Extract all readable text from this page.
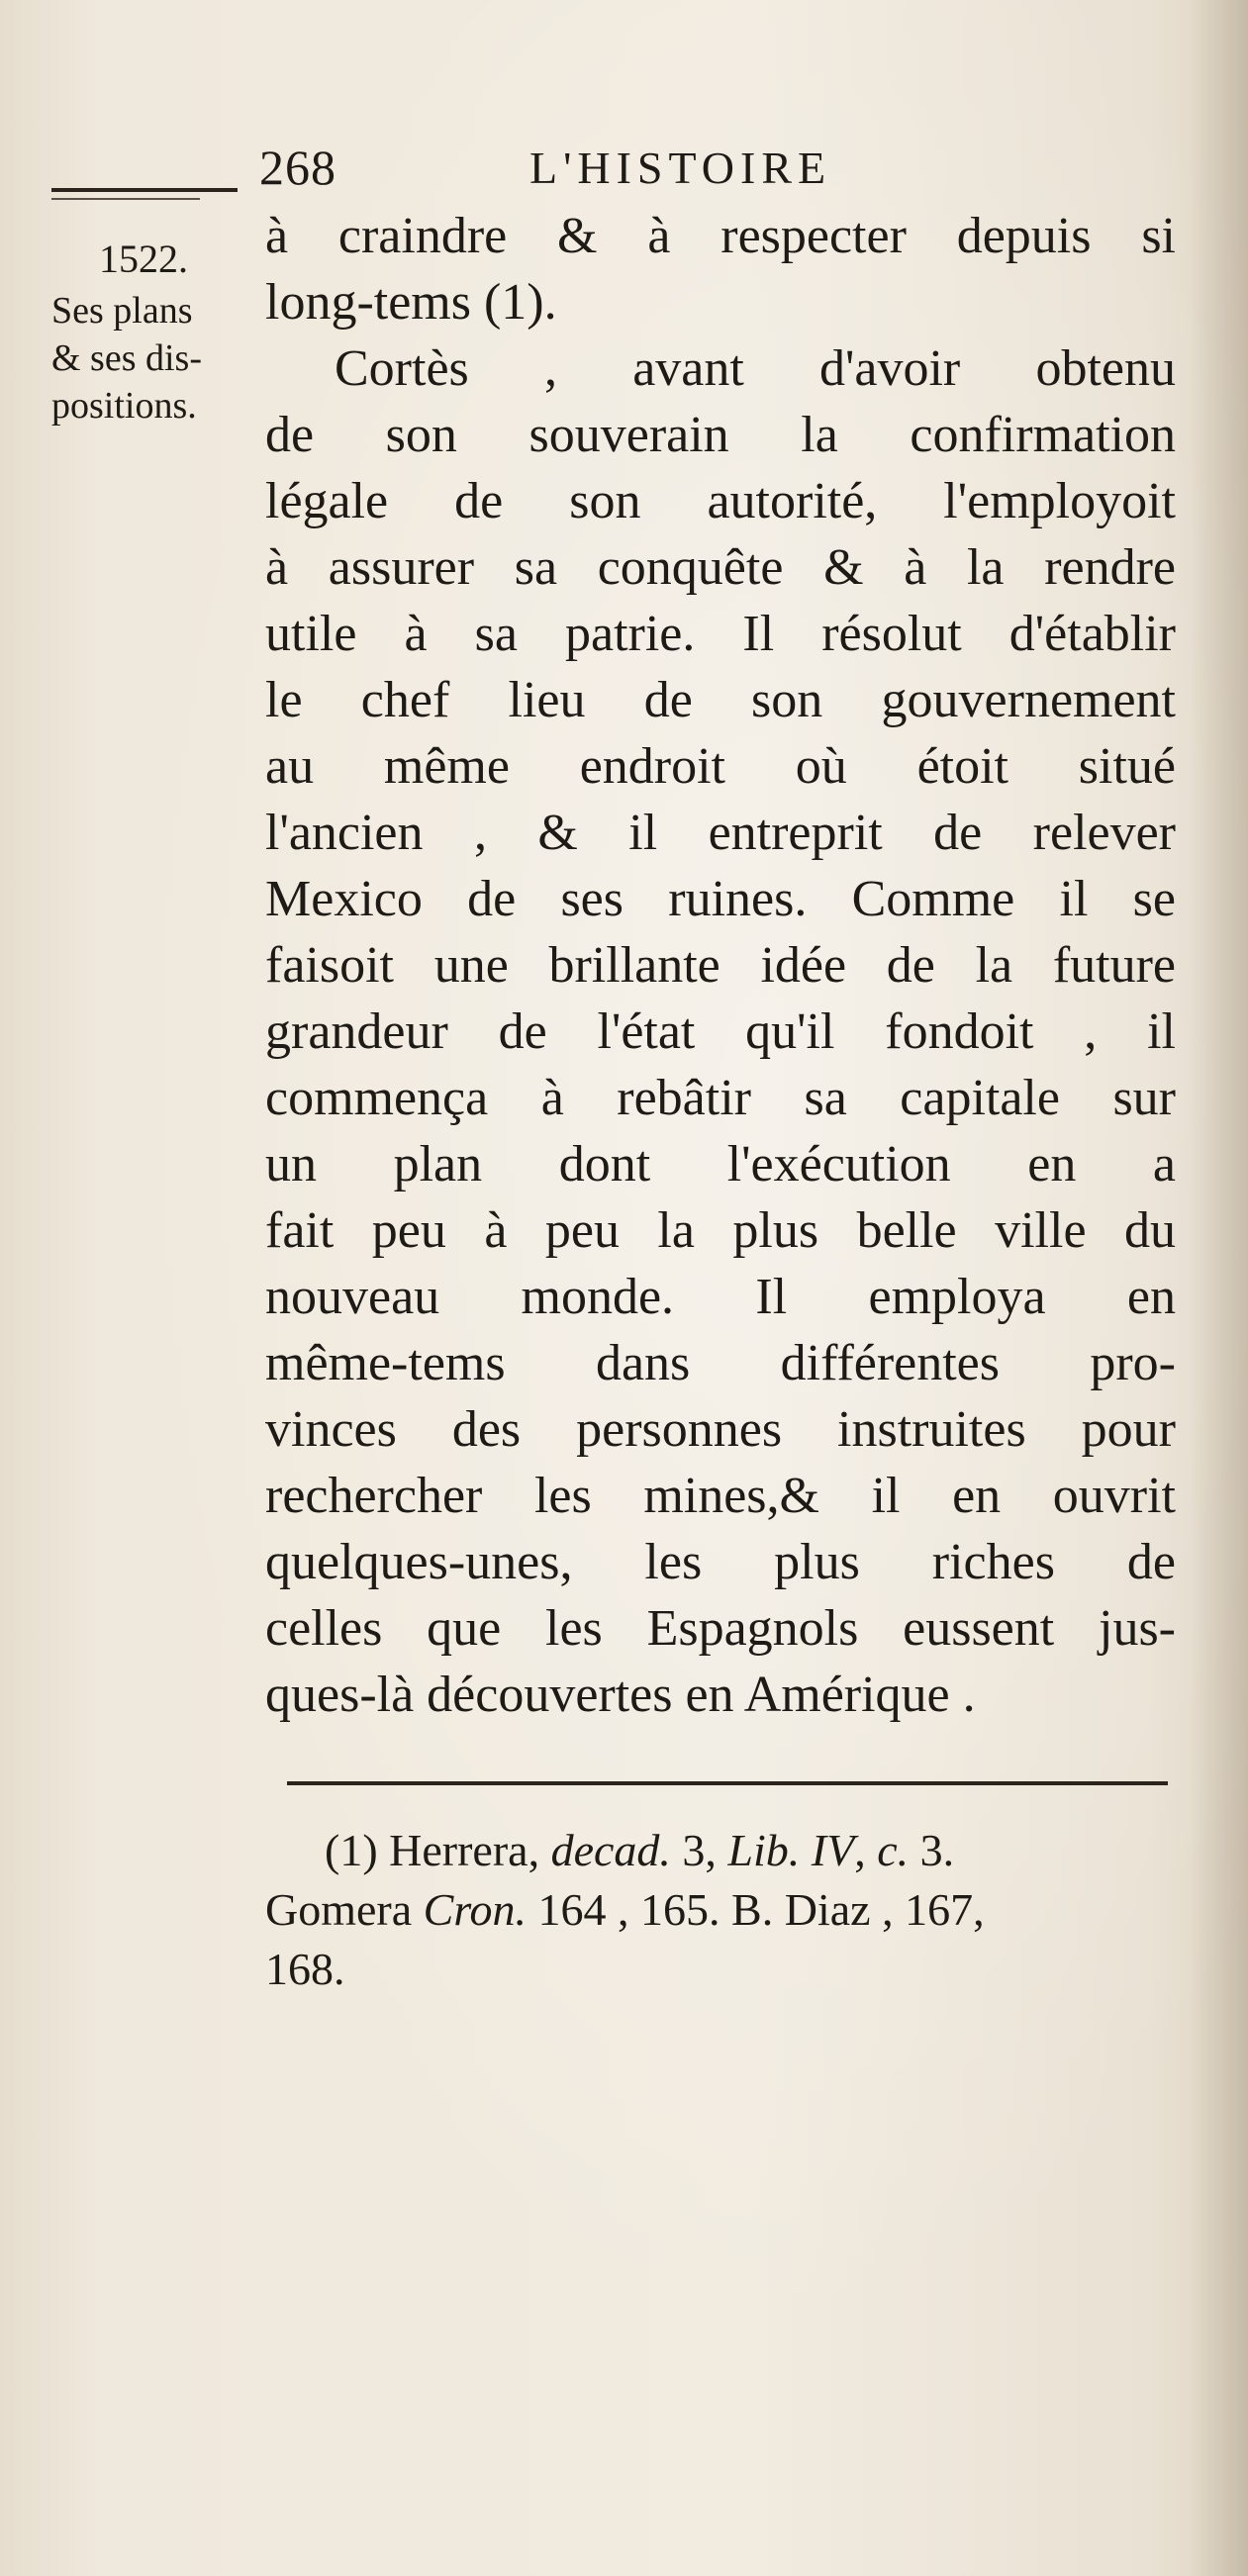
268	L'HISTOIRE
1522.
Ses plans
& ses dis-
positions.
à craindre & à respecter depuis si
long-tems (1).
Cortès , avant d'avoir obtenu
de son souverain la confirmation
légale de son autorité, l'employoit
à assurer sa conquête & à la rendre
utile à sa patrie. Il résolut d'établir
le chef lieu de son gouvernement
au même endroit où étoit situé
l'ancien , & il entreprit de relever
Mexico de ses ruines. Comme il se
faisoit une brillante idée de la future
grandeur de l'état qu'il fondoit , il
commença à rebâtir sa capitale sur
un plan dont l'exécution en a
fait peu à peu la plus belle ville du
nouveau monde. Il employa en
même-tems dans différentes pro-
vinces des personnes instruites pour
rechercher les mines,& il en ouvrit
quelques-unes, les plus riches de
celles que les Espagnols eussent jus-
ques-là découvertes en Amérique .
(1) Herrera, decad. 3, Lib. IV, c. 3.
Gomera Cron. 164 , 165. B. Diaz , 167,
168.
